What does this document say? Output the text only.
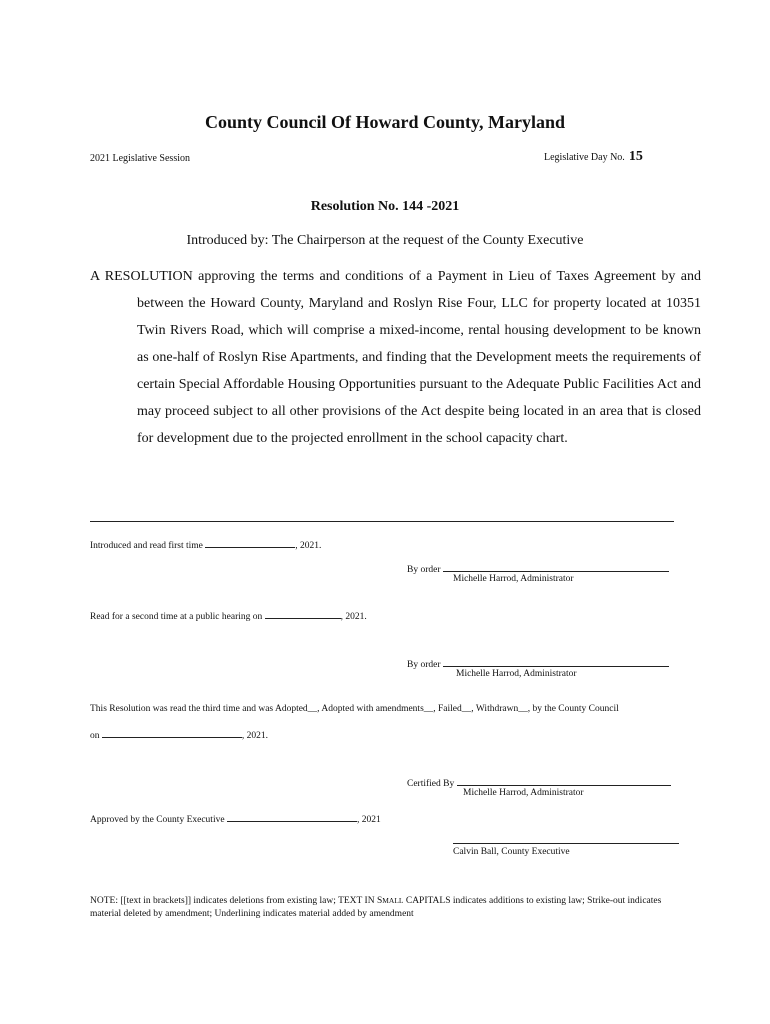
County Council Of Howard County, Maryland
2021 Legislative Session	Legislative Day No. 15
Resolution No. 144 -2021
Introduced by: The Chairperson at the request of the County Executive
A RESOLUTION approving the terms and conditions of a Payment in Lieu of Taxes Agreement by and between the Howard County, Maryland and Roslyn Rise Four, LLC for property located at 10351 Twin Rivers Road, which will comprise a mixed-income, rental housing development to be known as one-half of Roslyn Rise Apartments, and finding that the Development meets the requirements of certain Special Affordable Housing Opportunities pursuant to the Adequate Public Facilities Act and may proceed subject to all other provisions of the Act despite being located in an area that is closed for development due to the projected enrollment in the school capacity chart.
Introduced and read first time	, 2021.
By order
Michelle Harrod, Administrator
Read for a second time at a public hearing on	, 2021.
By order
Michelle Harrod, Administrator
This Resolution was read the third time and was Adopted__, Adopted with amendments__, Failed__, Withdrawn__, by the County Council
on	, 2021.
Certified By
Michelle Harrod, Administrator
Approved by the County Executive	, 2021
Calvin Ball, County Executive
NOTE: [[text in brackets]] indicates deletions from existing law; TEXT IN SMALL CAPITALS indicates additions to existing law; Strike-out indicates material deleted by amendment; Underlining indicates material added by amendment
